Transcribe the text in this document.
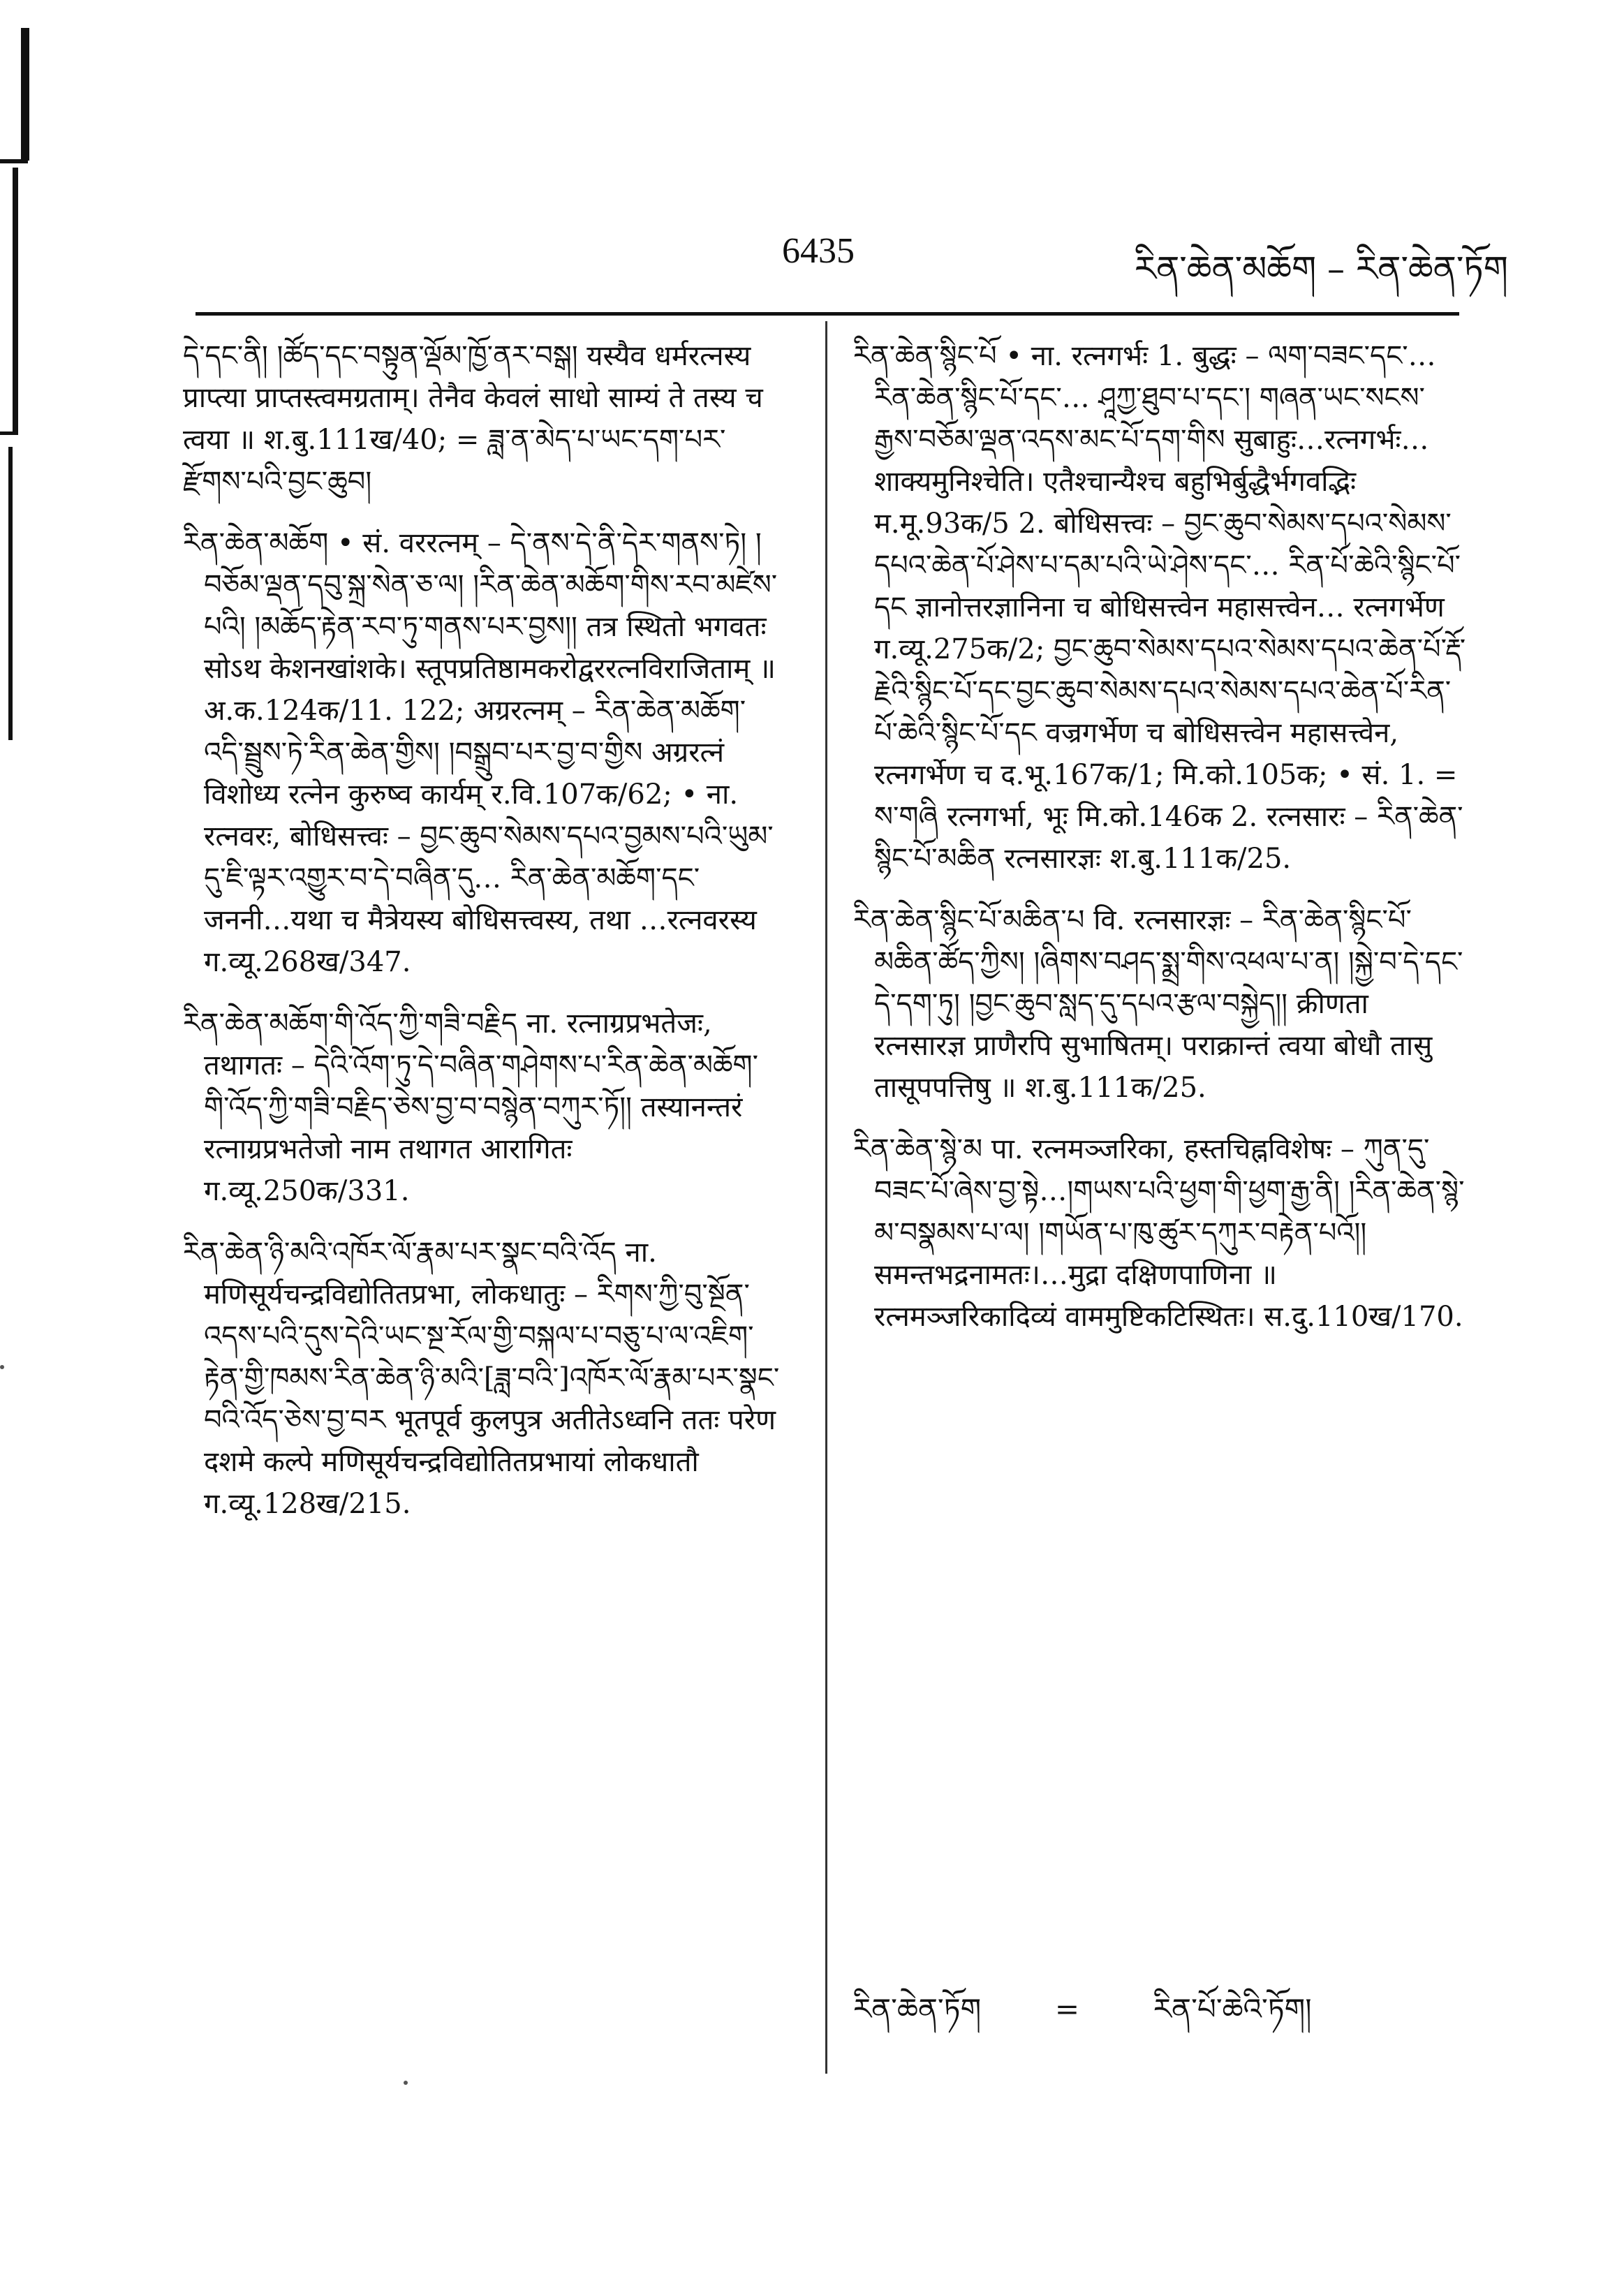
6435	རིན་ཆེན་མཆོག – རིན་ཆེན་ཏོག

དེ་དང་ནི། །ཚོད་དང་བསྟུན་ལྡོམ་ཁྱོ་ནར་བསྒ། यस्यैव धर्मरत्नस्य प्राप्त्या प्राप्तस्त्वमग्रताम्। तेनैव केवलं साधो साम्यं ते तस्य च त्वया ॥ श.बु.111ख/40; = ཟླ་ན་མེད་པ་ཡང་དག་པར་རྫོགས་པའི་བྱང་ཆུབ།

རིན་ཆེན་མཆོག • सं. वररत्नम् – དེ་ནས་དེ་ནི་དེར་གནས་ཏེ། །བཅོམ་ལྡན་དབུ་སྐྲ་སེན་ཅ་ལ། །རིན་ཆེན་མཆོག་གིས་རབ་མཛེས་པའི། །མཆོད་རྟེན་རབ་ཏུ་གནས་པར་བྱས།། तत्र स्थितो भगवतः सोऽथ केशनखांशके। स्तूपप्रतिष्ठामकरोद्वररत्नविराजिताम् ॥ अ.क.124क/11. 122; अग्ररत्नम् – རིན་ཆེན་མཆོག་འདི་སྦྲུས་ཏེ་རིན་ཆེན་གྱིས། །བསྒྲུབ་པར་བྱ་བ་གྱིས अग्ररत्नं विशोध्य रत्नेन कुरुष्व कार्यम् र.वि.107क/62; • ना. रत्नवरः, बोधिसत्त्वः – བྱང་ཆུབ་སེམས་དཔའ་བྱམས་པའི་ཡུམ་དུ་ཇི་ལྟར་འགྱུར་བ་དེ་བཞིན་དུ… རིན་ཆེན་མཆོག་དང་ जननी…यथा च मैत्रेयस्य बोधिसत्त्वस्य, तथा …रत्नवरस्य ग.व्यू.268ख/347.

རིན་ཆེན་མཆོག་གི་འོད་ཀྱི་གཟི་བརྗིད ना. रत्नाग्रप्रभतेजः, तथागतः – དེའི་འོག་ཏུ་དེ་བཞིན་གཤེགས་པ་རིན་ཆེན་མཆོག་གི་འོད་ཀྱི་གཟི་བརྗིད་ཅེས་བྱ་བ་བསྙེན་བཀུར་ཏོ།། तस्यानन्तरं रत्नाग्रप्रभतेजो नाम तथागत आरागितः ग.व्यू.250क/331.

རིན་ཆེན་ཉི་མའི་འཁོར་ལོ་རྣམ་པར་སྣང་བའི་འོད ना. मणिसूर्यचन्द्रविद्योतितप्रभा, लोकधातुः – རིགས་ཀྱི་བུ་སྔོན་འདས་པའི་དུས་དེའི་ཡང་སྔ་རོལ་གྱི་བསྐལ་པ་བཅུ་པ་ལ་འཇིག་རྟེན་གྱི་ཁམས་རིན་ཆེན་ཉི་མའི་[ཟླ་བའི་]འཁོར་ལོ་རྣམ་པར་སྣང་བའི་འོད་ཅེས་བྱ་བར भूतपूर्व कुलपुत्र अतीतेऽध्वनि ततः परेण दशमे कल्पे मणिसूर्यचन्द्रविद्योतितप्रभायां लोकधातौ ग.व्यू.128ख/215.

རིན་ཆེན་སྙིང་པོ • ना. रत्नगर्भः 1. बुद्धः – ལག་བཟང་དང་… རིན་ཆེན་སྙིང་པོ་དང་… ཤཱཀྱ་ཐུབ་པ་དང་། གཞན་ཡང་སངས་རྒྱས་བཅོམ་ལྡན་འདས་མང་པོ་དག་གིས सुबाहुः…रत्नगर्भः…शाक्यमुनिश्चेति। एतैश्चान्यैश्च बहुभिर्बुद्धैर्भगवद्भिः म.मू.93क/5 2. बोधिसत्त्वः – བྱང་ཆུབ་སེམས་དཔའ་སེམས་དཔའ་ཆེན་པོ་ཤེས་པ་དམ་པའི་ཡེ་ཤེས་དང་… རིན་པོ་ཆེའི་སྙིང་པོ་དང ज्ञानोत्तरज्ञानिना च बोधिसत्त्वेन महासत्त्वेन… रत्नगर्भेण ग.व्यू.275क/2; བྱང་ཆུབ་སེམས་དཔའ་སེམས་དཔའ་ཆེན་པོ་རྡོ་རྗེའི་སྙིང་པོ་དང་བྱང་ཆུབ་སེམས་དཔའ་སེམས་དཔའ་ཆེན་པོ་རིན་པོ་ཆེའི་སྙིང་པོ་དང वज्रगर्भेण च बोधिसत्त्वेन महासत्त्वेन, रत्नगर्भेण च द.भू.167क/1; मि.को.105क; • सं. 1. = ས་གཞི रत्नगर्भा, भूः मि.को.146क 2. रत्नसारः – རིན་ཆེན་སྙིང་པོ་མཆིན रत्नसारज्ञः श.बु.111क/25.

རིན་ཆེན་སྙིང་པོ་མཆིན་པ वि. रत्नसारज्ञः – རིན་ཆེན་སྙིང་པོ་མཆིན་ཚོད་ཀྱིས། །ཞིགས་བཤད་སྨྲ་གིས་འཕལ་པ་ན། །སྐྱེ་བ་དེ་དང་དེ་དག་ཏུ། །བྱང་ཆུབ་སླད་དུ་དཔའ་རྩལ་བསྐྱེད།། क्रीणता रत्नसारज्ञ प्राणैरपि सुभाषितम्। पराक्रान्तं त्वया बोधौ तासु तासूपपत्तिषु ॥ श.बु.111क/25.

རིན་ཆེན་སྙེ་མ पा. रत्नमञ्जरिका, हस्तचिह्नविशेषः – ཀུན་དུ་བཟང་པོ་ཞེས་བྱ་སྟེ…།གཡས་པའི་ཕྱག་གི་ཕྱག་རྒྱ་ནི། །རིན་ཆེན་སྙེ་མ་བསྣམས་པ་ལ། །གཡོན་པ་ཁུ་ཚུར་དཀུར་བརྟེན་པའོ།། समन्तभद्रनामतः।…मुद्रा दक्षिणपाणिना ॥ रत्नमञ्जरिकादिव्यं वाममुष्टिकटिस्थितः। स.दु.110ख/170.

རིན་ཆེན་ཏོག	=	རིན་པོ་ཆེའི་ཏོག།
